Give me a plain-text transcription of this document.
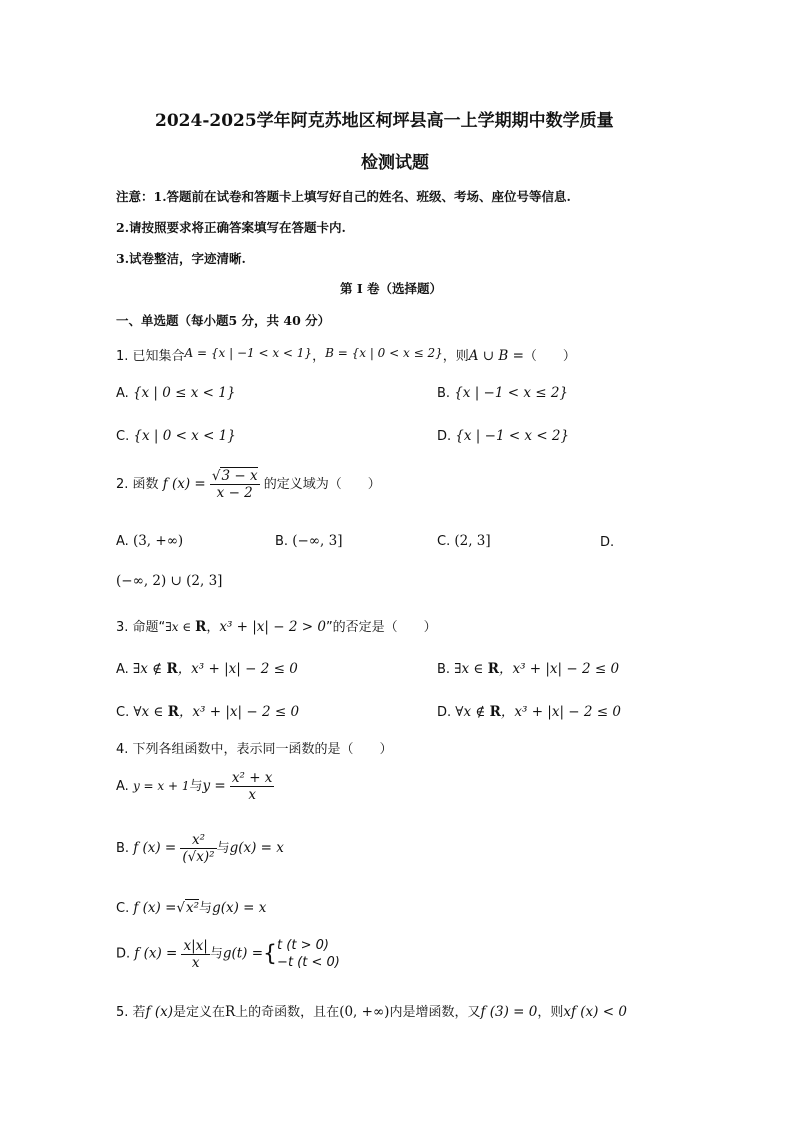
2024-2025学年阿克苏地区柯坪县高一上学期期中数学质量
检测试题
注意：1.答题前在试卷和答题卡上填写好自己的姓名、班级、考场、座位号等信息.
2.请按照要求将正确答案填写在答题卡内.
3.试卷整洁，字迹清晰.
第 I 卷（选择题）
一、单选题（每小题5 分，共 40 分）
1. 已知集合A = {x | −1 < x < 1}，B = {x | 0 < x ≤ 2}，则A ∪ B =（　　）
A. {x | 0 ≤ x < 1}	B. {x | −1 < x ≤ 2}
C. {x | 0 < x < 1}	D. {x | −1 < x < 2}
2. 函数 f $(x) = \frac{√3 - x}{x - 2}$ 的定义域为（　　）
A. (3, +∞)	B. (−∞, 3]	C. (2, 3]	D.
(−∞, 2) ∪ (2, 3]
3. 命题“∃x ∈ R，x³ + |x| − 2 > 0”的否定是（　　）
A. ∃x ∉ R，x³ + |x| − 2 ≤ 0	B. ∃x ∈ R，x³ + |x| − 2 ≤ 0
C. ∀x ∈ R，x³ + |x| − 2 ≤ 0	D. ∀x ∉ R，x³ + |x| − 2 ≤ 0
4. 下列各组函数中，表示同一函数的是（　　）
A. y = x + 1与$y = \frac{\text{x² + x}}{x}$
B. f $(x) = \frac{\text{x²}}{\text{(√x)²}}$ 与g(x) = x
C. f (x) =√x²与g(x) = x
D. f $(x) = \frac{x|x|}{x}$ 与g(t) ={ t (t > 0)
−t (t < 0)
5. 若f (x)是定义在R上的奇函数，且在(0, +∞)内是增函数，又f (3) = 0，则xf (x) < 0
